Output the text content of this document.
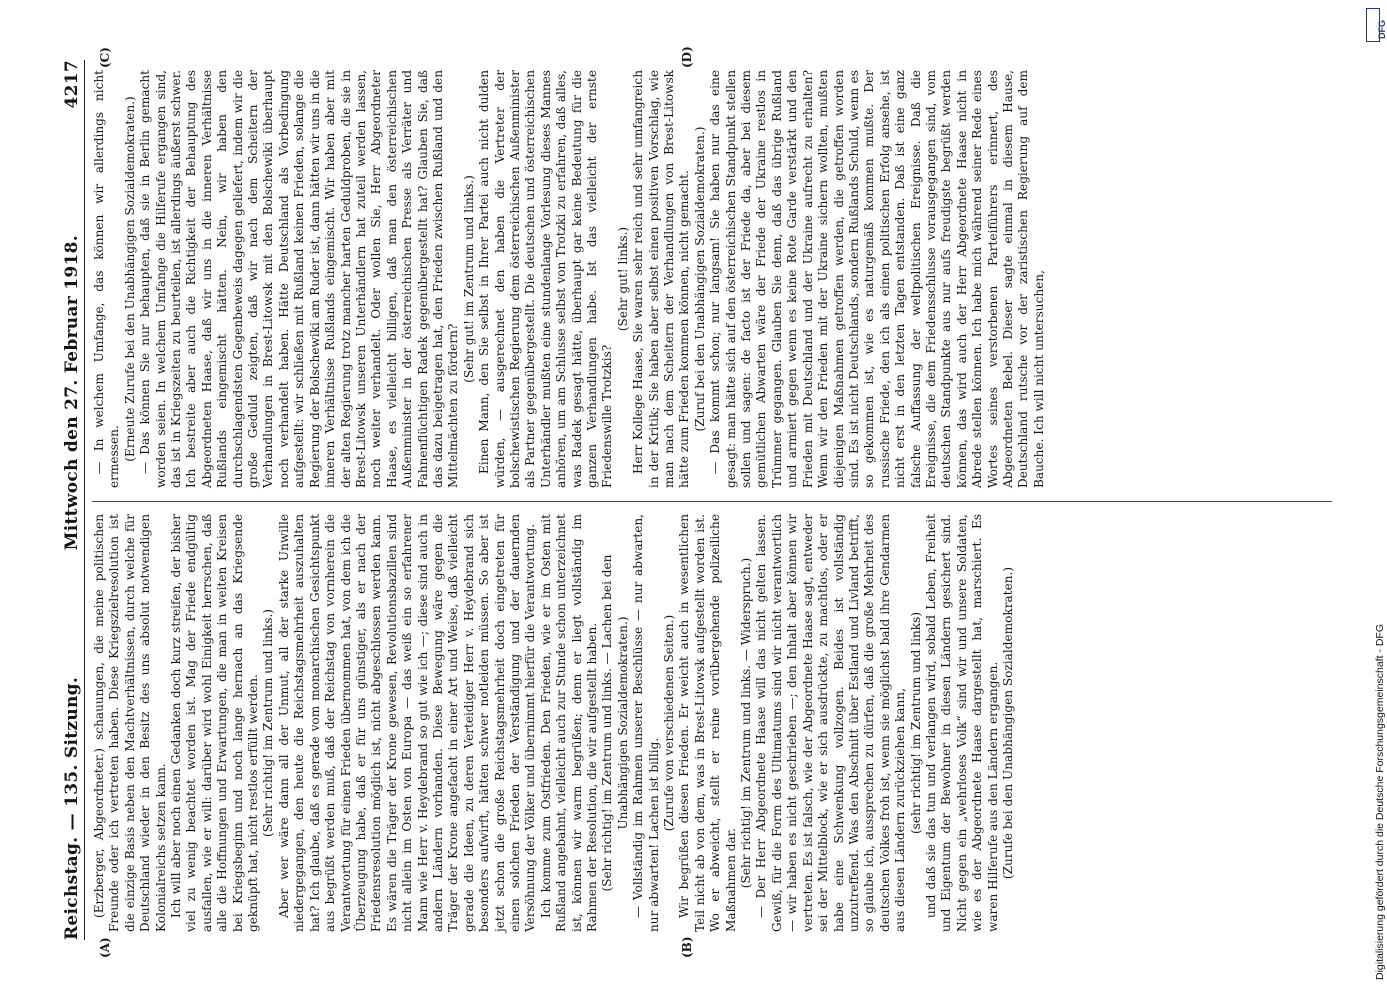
Reichstag. — 135. Sitzung.
Mittwoch den 27. Februar 1918.
4217
(A)	(B)
(C)	(D)

(Erzberger, Abgeordneter.) schauungen, die meine politischen Freunde oder ich vertreten haben. Diese Kriegszielresolution ist die einzige Basis neben den Machtverhältnissen, durch welche für Deutschland wieder in den Besitz des uns absolut notwendigen Kolonialreichs setzen kann. Ich will aber noch einen Gedanken doch kurz streifen, der bisher viel zu wenig beachtet worden ist. Mag der Friede endgültig ausfallen, wie er will: darüber wird wohl Einigkeit herrschen, daß alle die Hoffnungen und Erwartungen, die man in weiten Kreisen bei Kriegsbeginn und noch lange hernach an das Kriegsende geknüpft hat, nicht restlos erfüllt werden. (Sehr richtig! im Zentrum und links.) Aber wer wäre dann all der Unmut, all der starke Unwille niedergegangen, den heute die Reichstagsmehrheit auszuhalten hat? Ich glaube, daß es gerade vom monarchischen Gesichtspunkt aus begrüßt werden muß, daß der Reichstag von vornherein die Verantwortung für einen Frieden übernommen hat, von dem ich die Überzeugung habe, daß er für uns günstiger, als er nach der Friedensresolution möglich ist, nicht abgeschlossen werden kann. Es wären die Träger der Krone gewesen, Revolutionsbazillen sind nicht allein im Osten von Europa — das weiß ein so erfahrener Mann wie Herr v. Heydebrand so gut wie ich —; diese sind auch in andern Ländern vorhanden. Diese Bewegung wäre gegen die Träger der Krone angefacht in einer Art und Weise, daß vielleicht gerade die Ideen, zu deren Verteidiger Herr v. Heydebrand sich besonders aufwirft, hätten schwer notleiden müssen. So aber ist jetzt schon die große Reichstagsmehrheit doch eingetreten für einen solchen Frieden der Verständigung und der dauernden Versöhnung der Völker und übernimmt hierfür die Verantwortung. Ich komme zum Ostfrieden. Den Frieden, wie er im Osten mit Rußland angebahnt, vielleicht auch zur Stunde schon unterzeichnet ist, können wir warm begrüßen; denn er liegt vollständig im Rahmen der Resolution, die wir aufgestellt haben. (Sehr richtig! im Zentrum und links. — Lachen bei den Unabhängigen Sozialdemokraten.) — Vollständig im Rahmen unserer Beschlüsse — nur abwarten, nur abwarten! Lachen ist billig.

(Zurufe von verschiedenen Seiten.) Wir begrüßen diesen Frieden. Er weicht auch in wesentlichen Teil nicht ab von dem, was in Brest-Litowsk aufgestellt worden ist. Wo er abweicht, stellt er reine vorübergehende polizeiliche Maßnahmen dar. (Sehr richtig! im Zentrum und links. — Widerspruch.) — Der Herr Abgeordnete Haase will das nicht gelten lassen. Gewiß, für die Form des Ultimatums sind wir nicht verantwortlich — wir haben es nicht geschrieben —; den Inhalt aber können wir vertreten. Es ist falsch, wie der Abgeordnete Haase sagt, entweder sei der Mittelblock, wie er sich ausdrückte, zu machtlos, oder er habe eine Schwenkung vollzogen. Beides ist vollständig unzutreffend. Was den Abschnitt über Estland und Livland betrifft, so glaube ich, aussprechen zu dürfen, daß die große Mehrheit des deutschen Volkes froh ist, wenn sie möglichst bald ihre Gendarmen aus diesen Ländern zurückziehen kann, (sehr richtig! im Zentrum und links) und daß sie das tun und verlangen wird, sobald Leben, Freiheit und Eigentum der Bewohner in diesen Ländern gesichert sind. Nicht gegen ein „wehrloses Volk“ sind wir und unsere Soldaten, wie es der Abgeordnete Haase dargestellt hat, marschiert. Es waren Hilferufe aus den Ländern ergangen. (Zurufe bei den Unabhängigen Sozialdemokraten.)

— In welchem Umfange, das können wir allerdings nicht ermessen. (Erneute Zurufe bei den Unabhängigen Sozialdemokraten.) — Das können Sie nur behaupten, daß sie in Berlin gemacht worden seien. In welchem Umfange die Hilferufe ergangen sind, das ist in Kriegszeiten zu beurteilen, ist allerdings äußerst schwer. Ich bestreite aber auch die Richtigkeit der Behauptung des Abgeordneten Haase, daß wir uns in die inneren Verhältnisse Rußlands eingemischt hätten. Nein, wir haben den durchschlagendsten Gegenbeweis dagegen geliefert, indem wir die große Geduld zeigten, daß wir nach dem Scheitern der Verhandlungen in Brest-Litowsk mit den Bolschewiki überhaupt noch verhandelt haben. Hätte Deutschland als Vorbedingung aufgestellt: wir schließen mit Rußland keinen Frieden, solange die Regierung der Bolschewiki am Ruder ist, dann hätten wir uns in die inneren Verhältnisse Rußlands eingemischt. Wir haben aber mit der alten Regierung trotz mancher harten Geduldproben, die sie in Brest-Litowsk unseren Unterhändlern hat zuteil werden lassen, noch weiter verhandelt. Oder wollen Sie, Herr Abgeordneter Haase, es vielleicht billigen, daß man den österreichischen Außenminister in der österreichischen Presse als Verräter und Fahnenflüchtigen Radek gegenübergestellt hat? Glauben Sie, daß das dazu beigetragen hat, den Frieden zwischen Rußland und den Mittelmächten zu fördern?

(Sehr gut! im Zentrum und links.) Einen Mann, den Sie selbst in Ihrer Partei auch nicht dulden würden, — ausgerechnet den haben die Vertreter der bolschewistischen Regierung dem österreichischen Außenminister als Partner gegenübergestellt. Die deutschen und österreichischen Unterhändler mußten eine stundenlange Vorlesung dieses Mannes anhören, um am Schlusse selbst von Trotzki zu erfahren, daß alles, was Radek gesagt hätte, überhaupt gar keine Bedeutung für die ganzen Verhandlungen habe. Ist das vielleicht der ernste Friedenswille Trotzkis?

(Sehr gut! links.) Herr Kollege Haase, Sie waren sehr reich und sehr umfangreich in der Kritik; Sie haben aber selbst einen positiven Vorschlag, wie man nach dem Scheitern der Verhandlungen von Brest-Litowsk hätte zum Frieden kommen können, nicht gemacht. (Zuruf bei den Unabhängigen Sozialdemokraten.) — Das kommt schon; nur langsam! Sie haben nur das eine gesagt: man hätte sich auf den österreichischen Standpunkt stellen sollen und sagen: de facto ist der Friede da, aber bei diesem gemütlichen Abwarten wäre der Friede der Ukraine restlos in Trümmer gegangen. Glauben Sie denn, daß das übrige Rußland und armiert gegen wenn es keine Rote Garde verstärkt und den Frieden mit Deutschland und der Ukraine aufrecht zu erhalten? Wenn wir den Frieden mit der Ukraine sichern wollten, mußten diejenigen Maßnahmen getroffen werden, die getroffen worden sind. Es ist nicht Deutschlands, sondern Rußlands Schuld, wenn es so gekommen ist, wie es naturgemäß kommen mußte. Der russische Friede, den ich als einen politischen Erfolg ansehe, ist nicht erst in den letzten Tagen entstanden. Daß ist eine ganz falsche Auffassung der weltpolitischen Ereignisse. Daß die Ereignisse, die dem Friedensschlusse vorausgegangen sind, vom deutschen Standpunkte aus nur aufs freudigste begrüßt werden können, das wird auch der Herr Abgeordnete Haase nicht in Abrede stellen können. Ich habe mich während seiner Rede eines Wortes seines verstorbenen Parteiführers erinnert, des Abgeordneten Bebel. Dieser sagte einmal in diesem Hause, Deutschland rutsche vor der zaristischen Regierung auf dem Bauche. Ich will nicht untersuchen,

DFG
Digitalisierung gefördert durch die Deutsche Forschungsgemeinschaft - DFG
